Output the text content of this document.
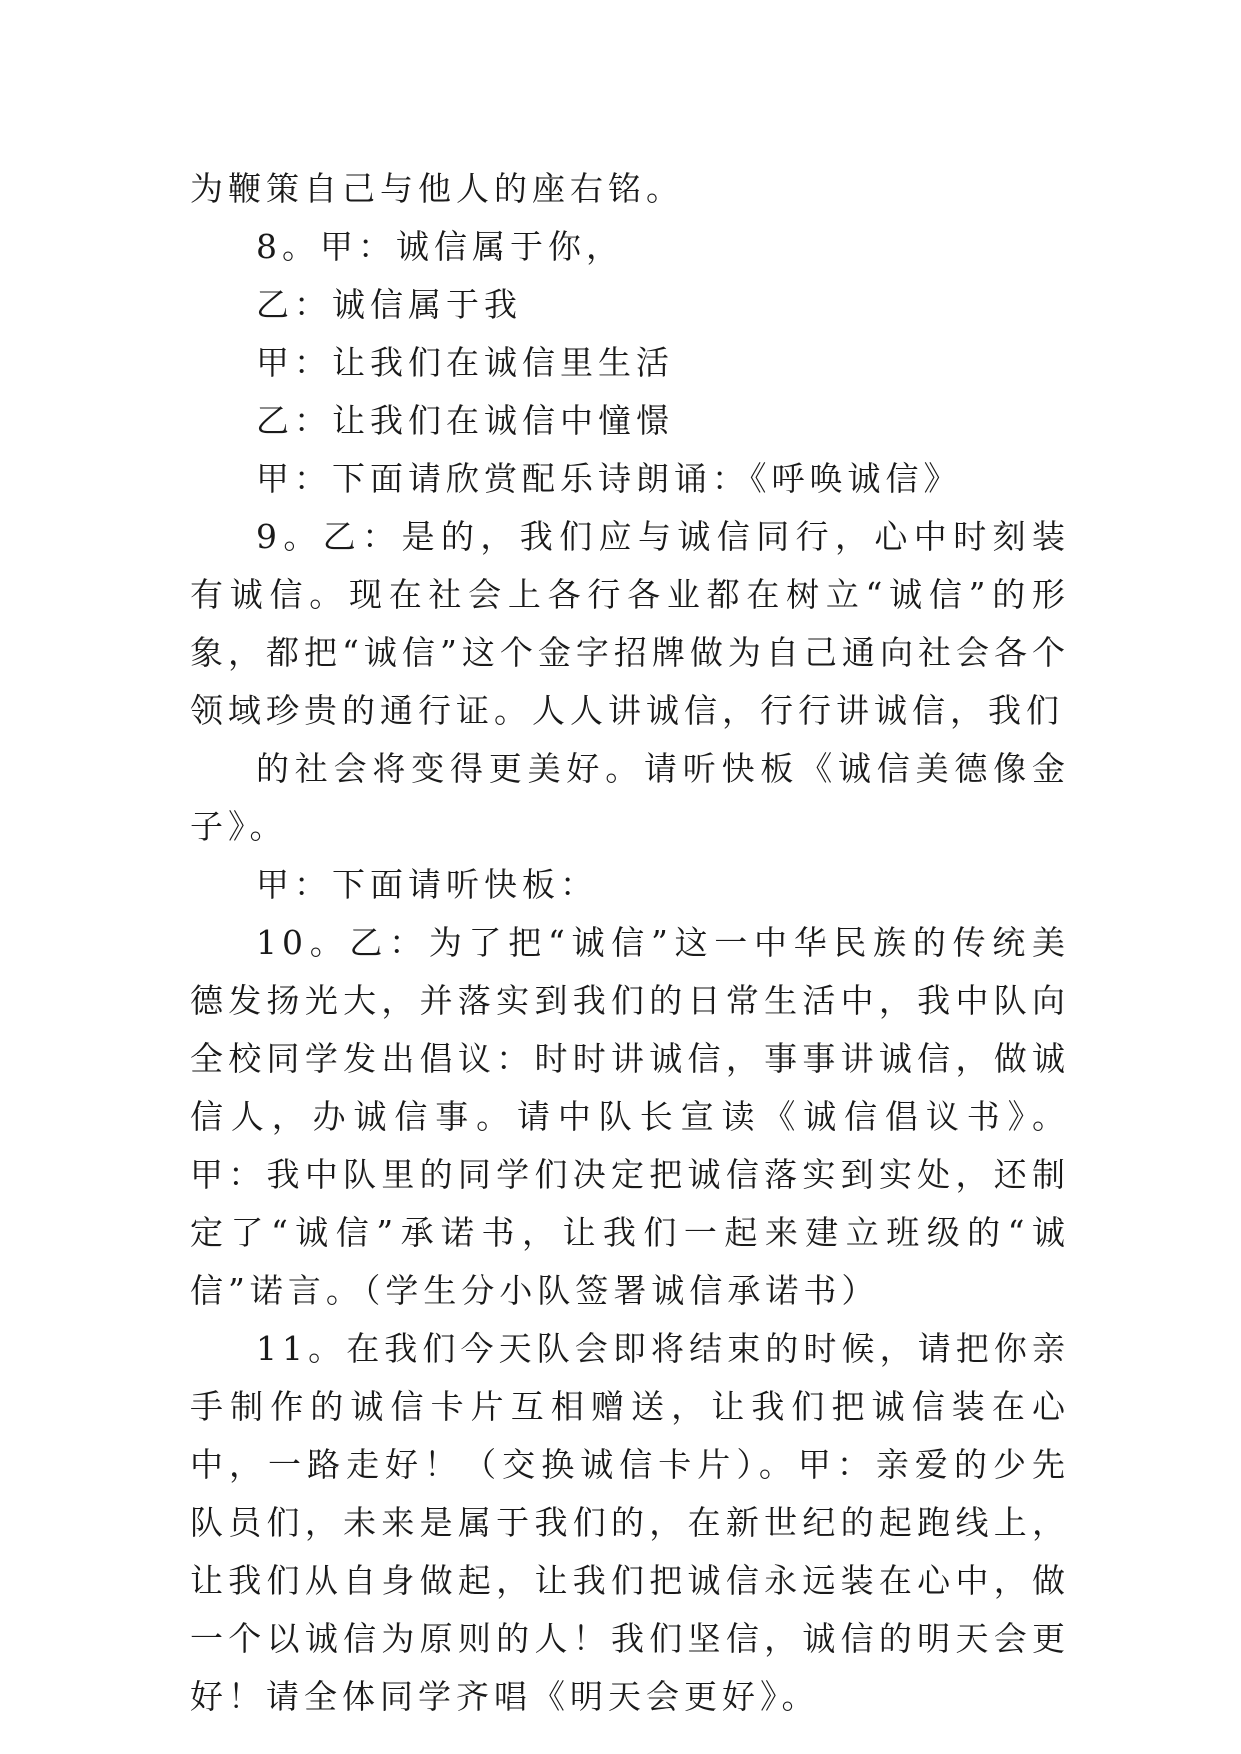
为鞭策自己与他人的座右铭。

8。甲：诚信属于你，

乙：诚信属于我

甲：让我们在诚信里生活

乙：让我们在诚信中憧憬

甲：下面请欣赏配乐诗朗诵：《呼唤诚信》

9。乙：是的，我们应与诚信同行，心中时刻装有诚信。现在社会上各行各业都在树立“诚信”的形象，都把“诚信”这个金字招牌做为自己通向社会各个领域珍贵的通行证。人人讲诚信，行行讲诚信，我们

的社会将变得更美好。请听快板《诚信美德像金子》。

甲：下面请听快板：

10。乙：为了把“诚信”这一中华民族的传统美德发扬光大，并落实到我们的日常生活中，我中队向全校同学发出倡议：时时讲诚信，事事讲诚信，做诚信人，办诚信事。请中队长宣读《诚信倡议书》。甲：我中队里的同学们决定把诚信落实到实处，还制定了“诚信”承诺书，让我们一起来建立班级的“诚信”诺言。（学生分小队签署诚信承诺书）

11。在我们今天队会即将结束的时候，请把你亲手制作的诚信卡片互相赠送，让我们把诚信装在心中，一路走好！（交换诚信卡片）。甲：亲爱的少先队员们，未来是属于我们的，在新世纪的起跑线上，让我们从自身做起，让我们把诚信永远装在心中，做一个以诚信为原则的人！我们坚信，诚信的明天会更好！请全体同学齐唱《明天会更好》。
